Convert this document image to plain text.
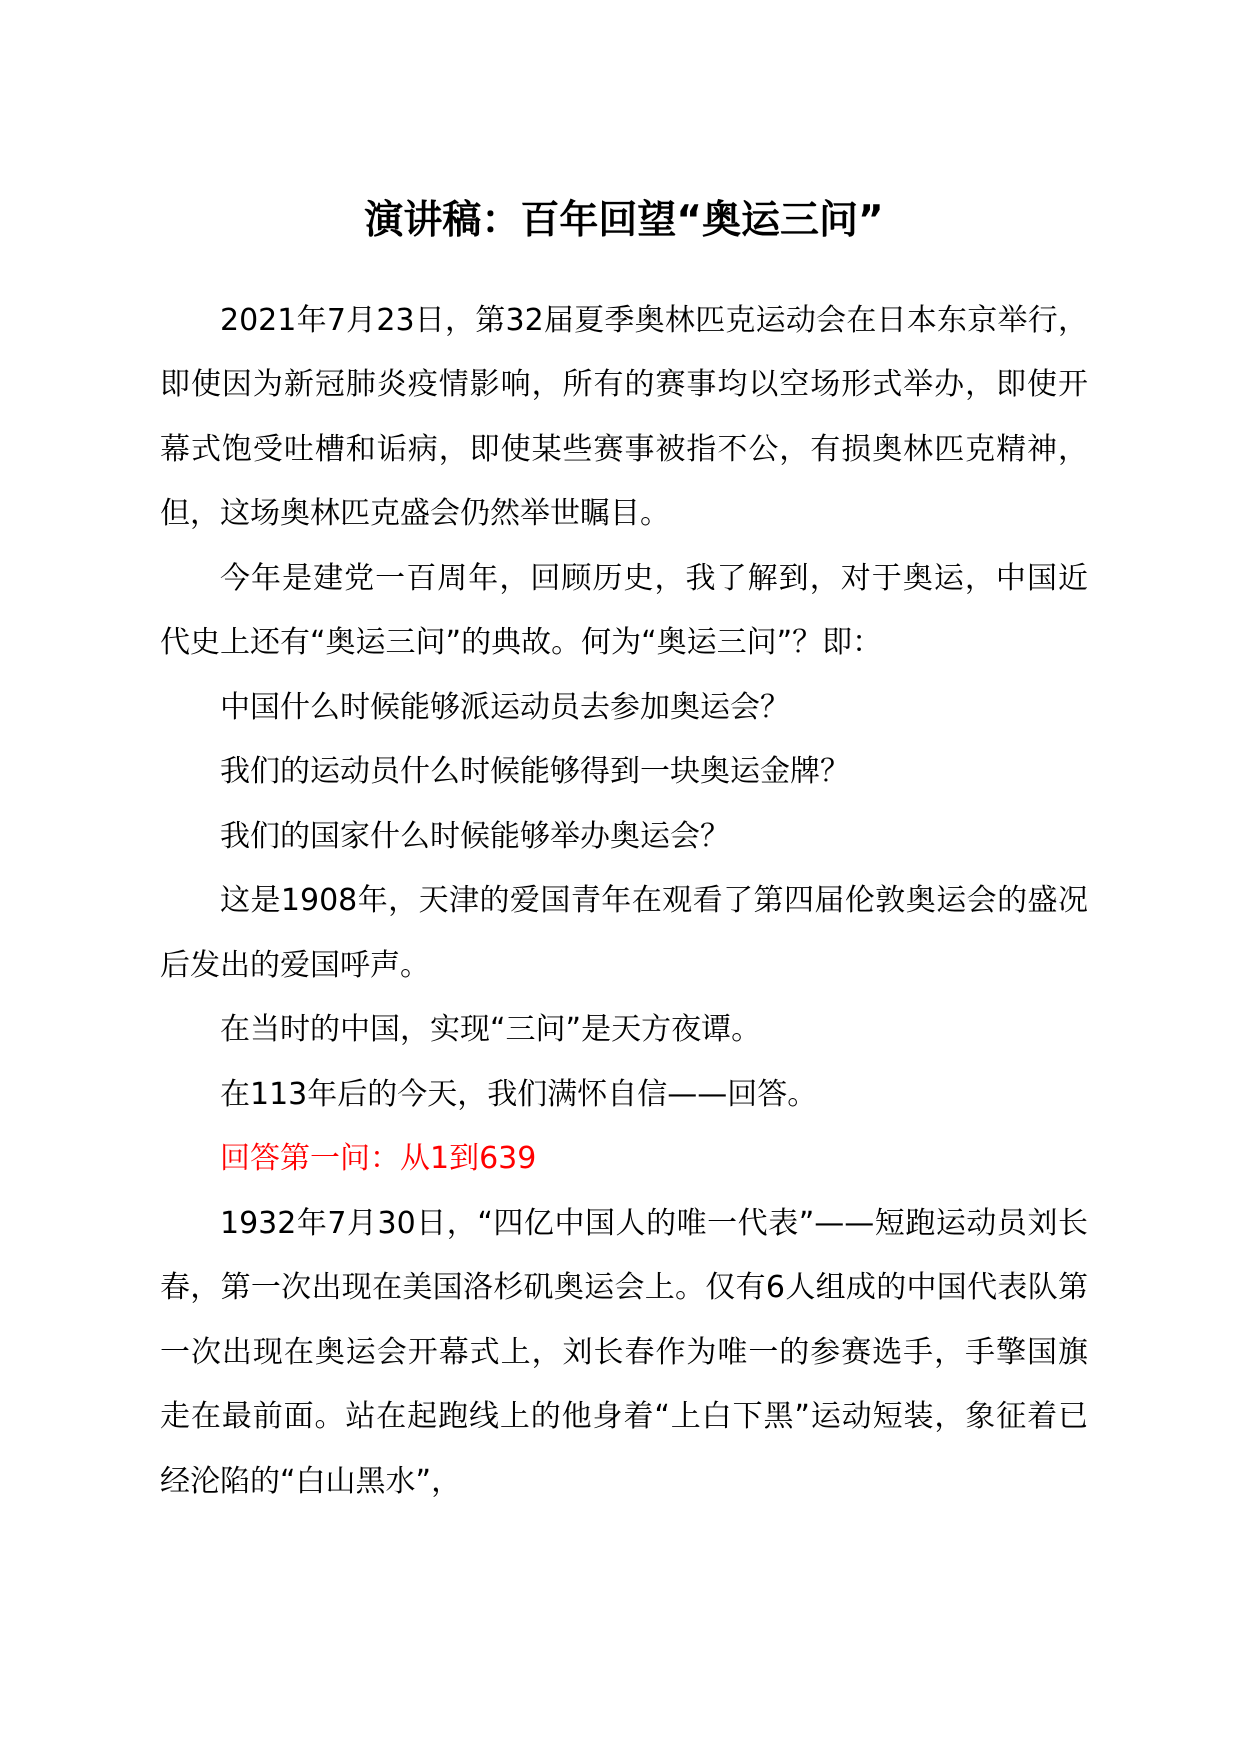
演讲稿：百年回望“奥运三问”

2021年7月23日，第32届夏季奥林匹克运动会在日本东京举行，即使因为新冠肺炎疫情影响，所有的赛事均以空场形式举办，即使开幕式饱受吐槽和诟病，即使某些赛事被指不公，有损奥林匹克精神，但，这场奥林匹克盛会仍然举世瞩目。

今年是建党一百周年，回顾历史，我了解到，对于奥运，中国近代史上还有“奥运三问”的典故。何为“奥运三问”？即：

中国什么时候能够派运动员去参加奥运会？

我们的运动员什么时候能够得到一块奥运金牌？

我们的国家什么时候能够举办奥运会？

这是1908年，天津的爱国青年在观看了第四届伦敦奥运会的盛况后发出的爱国呼声。

在当时的中国，实现“三问”是天方夜谭。

在113年后的今天，我们满怀自信——回答。

回答第一问：从1到639

1932年7月30日，“四亿中国人的唯一代表”——短跑运动员刘长春，第一次出现在美国洛杉矶奥运会上。仅有6人组成的中国代表队第一次出现在奥运会开幕式上，刘长春作为唯一的参赛选手，手擎国旗走在最前面。站在起跑线上的他身着“上白下黑”运动短装，象征着已经沦陷的“白山黑水”，
